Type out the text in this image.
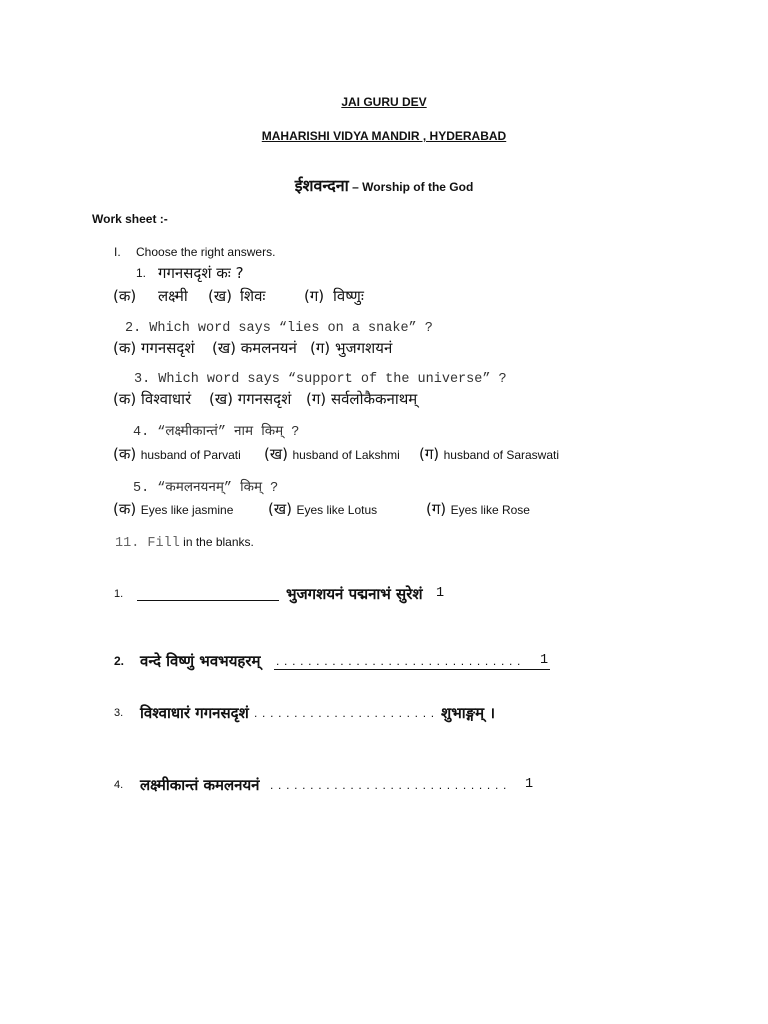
JAI GURU DEV
MAHARISHI VIDYA MANDIR , HYDERABAD
ईशवन्दना – Worship of the God
Work sheet :-
I. Choose the right answers.
1. गगनसदृशं कः ?
(क) लक्ष्मी (ख) शिवः	(ग) विष्णुः
2. Which word says “lies on a snake” ?
(क) गगनसदृशं (ख) कमलनयनं (ग) भुजगशयनं
3. Which word says “support of the universe” ?
(क) विश्वाधारं (ख) गगनसदृशं (ग) सर्वलोकैकनाथम्
4. “लक्ष्मीकान्तं” नाम किम् ?
(क) husband of Parvati (ख) husband of Lakshmi (ग) husband of Saraswati
5. “कमलनयनम्” किम् ?
(क) Eyes like jasmine (ख) Eyes like Lotus	(ग) Eyes like Rose
11. Fill in the blanks.
1.	भुजगशयनं पद्मनाभं सुरेशं 1
2. वन्दे विष्णुं भवभयहरम् ............................... 1
3. विश्वाधारं गगनसदृशं ....................... शुभाङ्गम् ।
4. लक्ष्मीकान्तं कमलनयनं .............................. 1
